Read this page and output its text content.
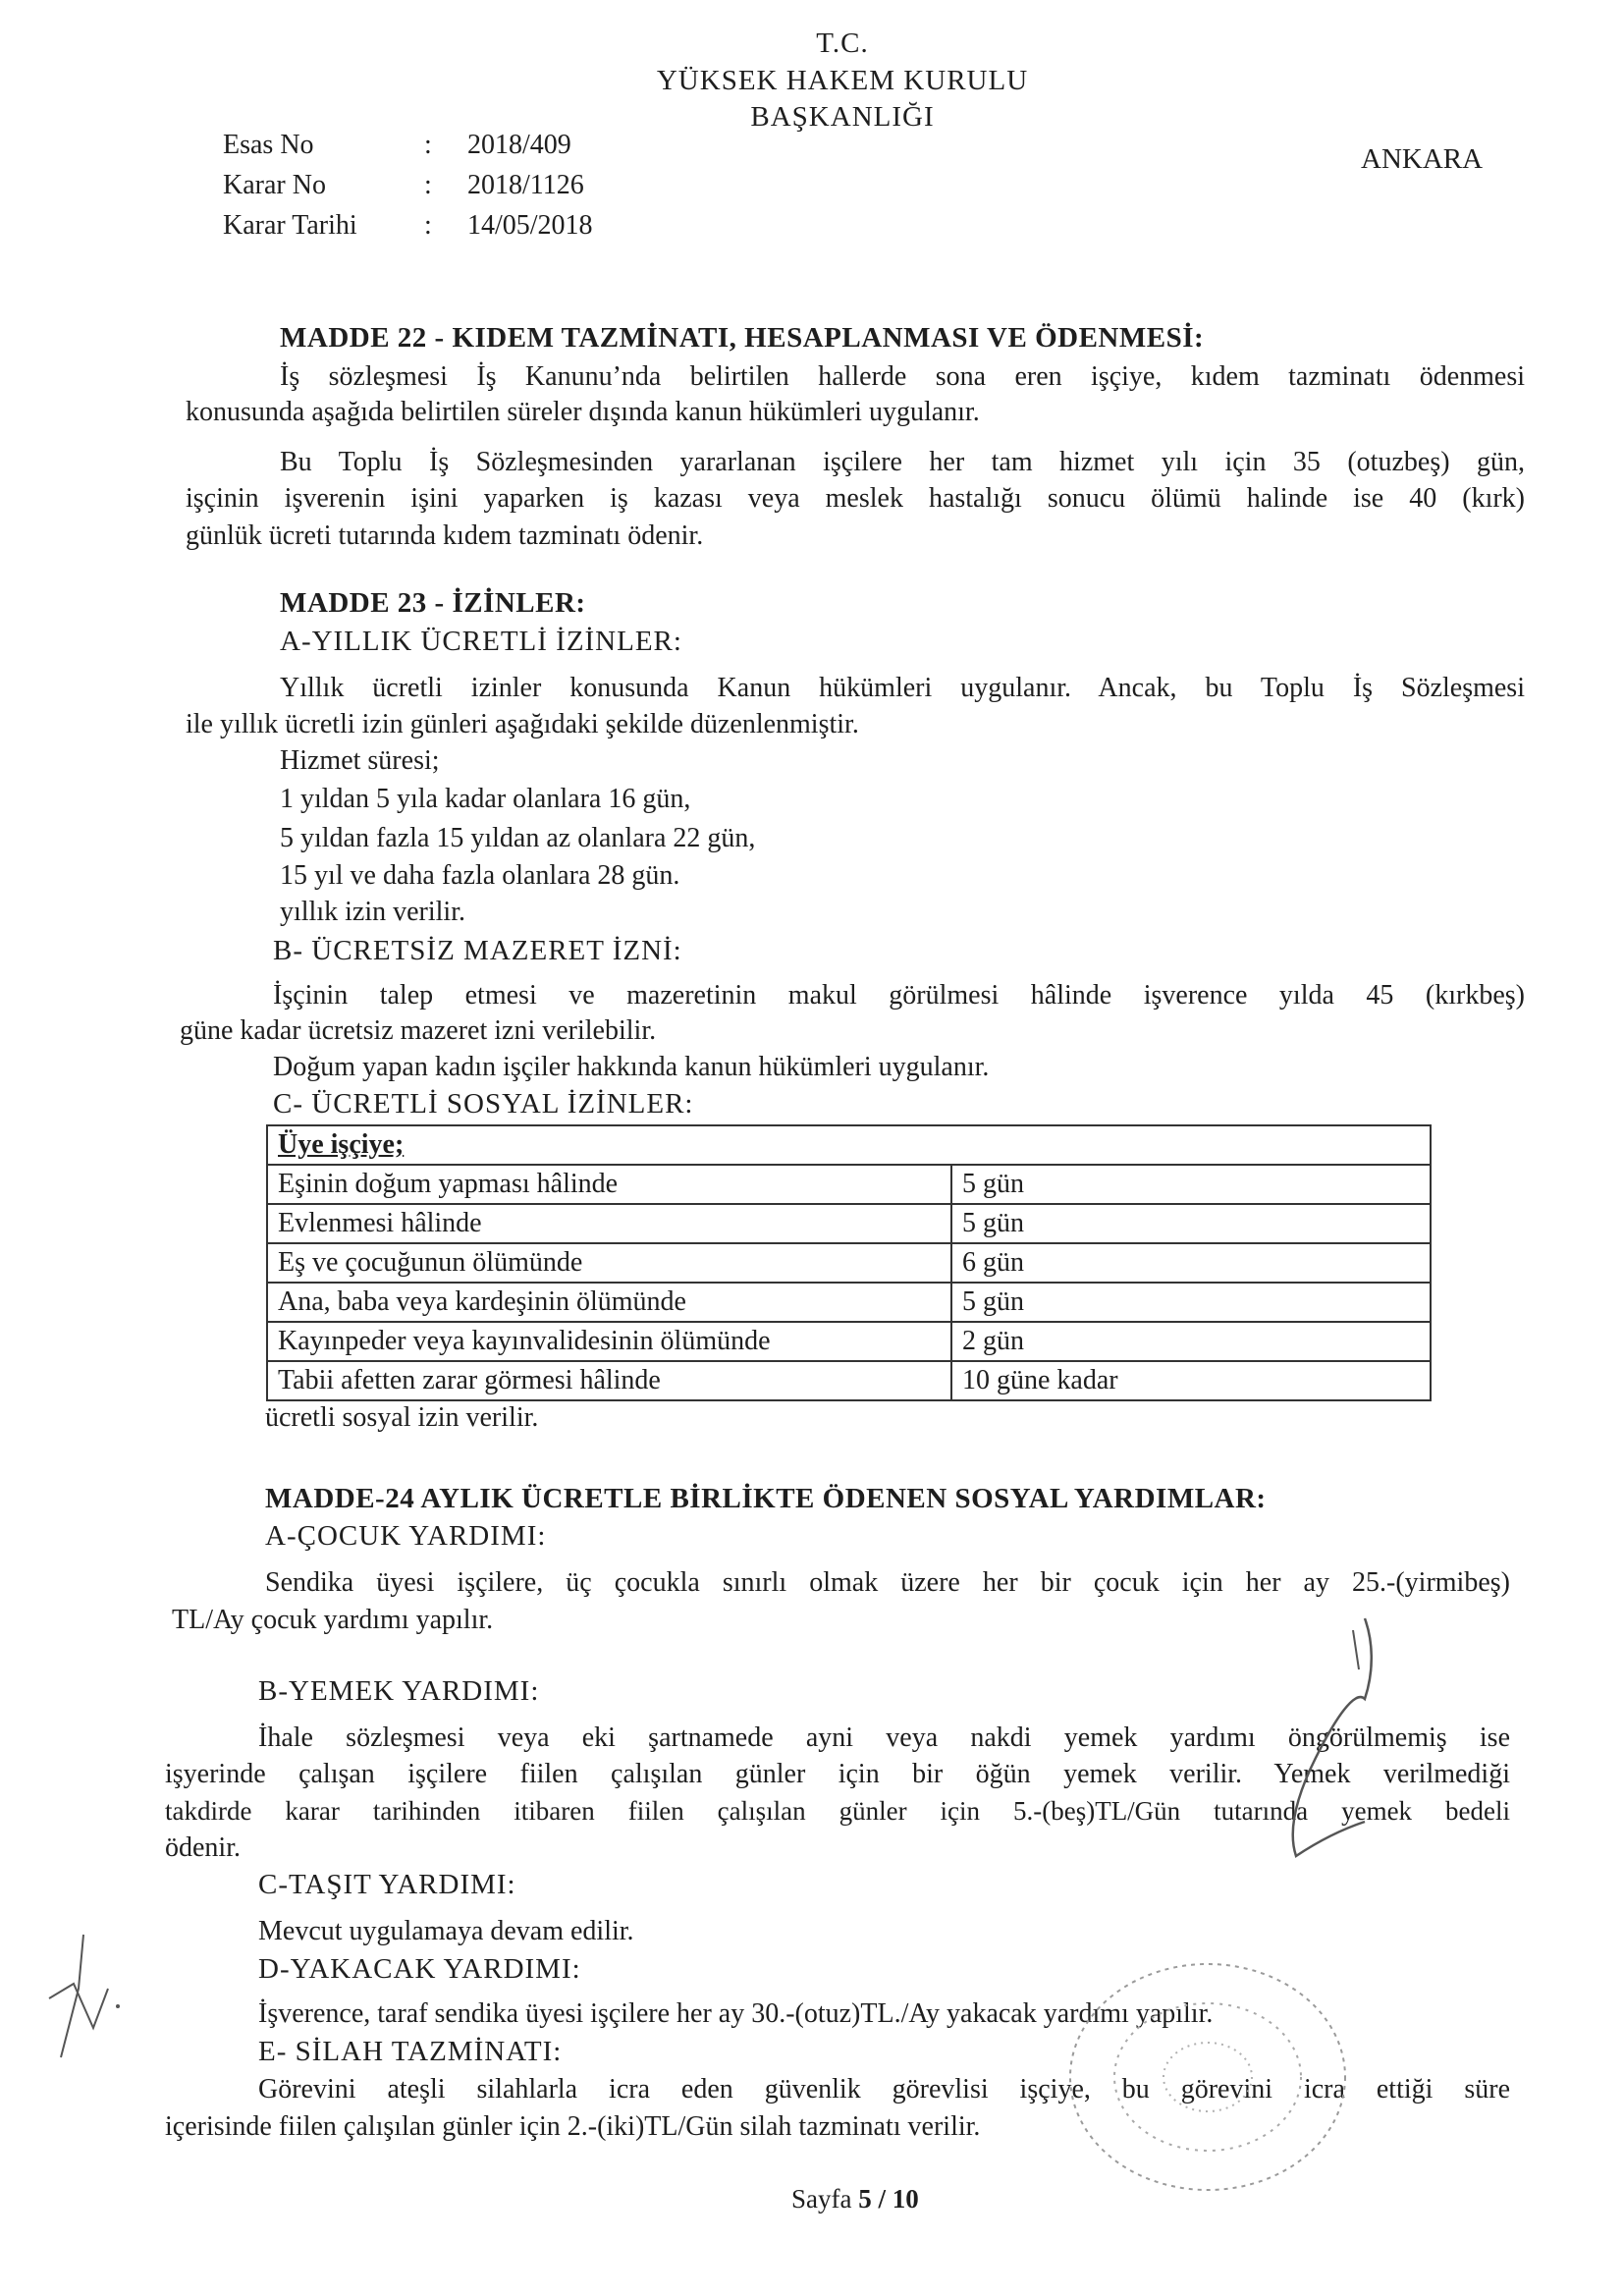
T.C.
YÜKSEK HAKEM KURULU
BAŞKANLIĞI
ANKARA
Esas No	: 2018/409
Karar No	: 2018/1126
Karar Tarihi : 14/05/2018
MADDE 22 - KIDEM TAZMİNATI, HESAPLANMASI VE ÖDENMESİ:
İş sözleşmesi İş Kanunu’nda belirtilen hallerde sona eren işçiye, kıdem tazminatı ödenmesi
konusunda aşağıda belirtilen süreler dışında kanun hükümleri uygulanır.
Bu Toplu İş Sözleşmesinden yararlanan işçilere her tam hizmet yılı için 35 (otuzbeş) gün,
işçinin işverenin işini yaparken iş kazası veya meslek hastalığı sonucu ölümü halinde ise 40 (kırk)
günlük ücreti tutarında kıdem tazminatı ödenir.
MADDE 23 - İZİNLER:
A-YILLIK ÜCRETLİ İZİNLER:
Yıllık ücretli izinler konusunda Kanun hükümleri uygulanır. Ancak, bu Toplu İş Sözleşmesi
ile yıllık ücretli izin günleri aşağıdaki şekilde düzenlenmiştir.
Hizmet süresi;
1 yıldan 5 yıla kadar olanlara 16 gün,
5 yıldan fazla 15 yıldan az olanlara 22 gün,
15 yıl ve daha fazla olanlara 28 gün.
yıllık izin verilir.
B- ÜCRETSİZ MAZERET İZNİ:
İşçinin talep etmesi ve mazeretinin makul görülmesi hâlinde işverence yılda 45 (kırkbeş)
güne kadar ücretsiz mazeret izni verilebilir.
Doğum yapan kadın işçiler hakkında kanun hükümleri uygulanır.
C- ÜCRETLİ SOSYAL İZİNLER:
Üye işçiye;	
Eşinin doğum yapması hâlinde	5 gün
Evlenmesi hâlinde	5 gün
Eş ve çocuğunun ölümünde	6 gün
Ana, baba veya kardeşinin ölümünde	5 gün
Kayınpeder veya kayınvalidesinin ölümünde	2 gün
Tabii afetten zarar görmesi hâlinde	10 güne kadar
ücretli sosyal izin verilir.
MADDE-24 AYLIK ÜCRETLE BİRLİKTE ÖDENEN SOSYAL YARDIMLAR:
A-ÇOCUK YARDIMI:
Sendika üyesi işçilere, üç çocukla sınırlı olmak üzere her bir çocuk için her ay 25.-(yirmibeş)
TL/Ay çocuk yardımı yapılır.
B-YEMEK YARDIMI:
İhale sözleşmesi veya eki şartnamede ayni veya nakdi yemek yardımı öngörülmemiş ise
işyerinde çalışan işçilere fiilen çalışılan günler için bir öğün yemek verilir. Yemek verilmediği
takdirde karar tarihinden itibaren fiilen çalışılan günler için 5.-(beş)TL/Gün tutarında yemek bedeli
ödenir.
C-TAŞIT YARDIMI:
Mevcut uygulamaya devam edilir.
D-YAKACAK YARDIMI:
İşverence, taraf sendika üyesi işçilere her ay 30.-(otuz)TL./Ay yakacak yardımı yapılır.
E- SİLAH TAZMİNATI:
Görevini ateşli silahlarla icra eden güvenlik görevlisi işçiye, bu görevini icra ettiği süre
içerisinde fiilen çalışılan günler için 2.-(iki)TL/Gün silah tazminatı verilir.
Sayfa 5 / 10
